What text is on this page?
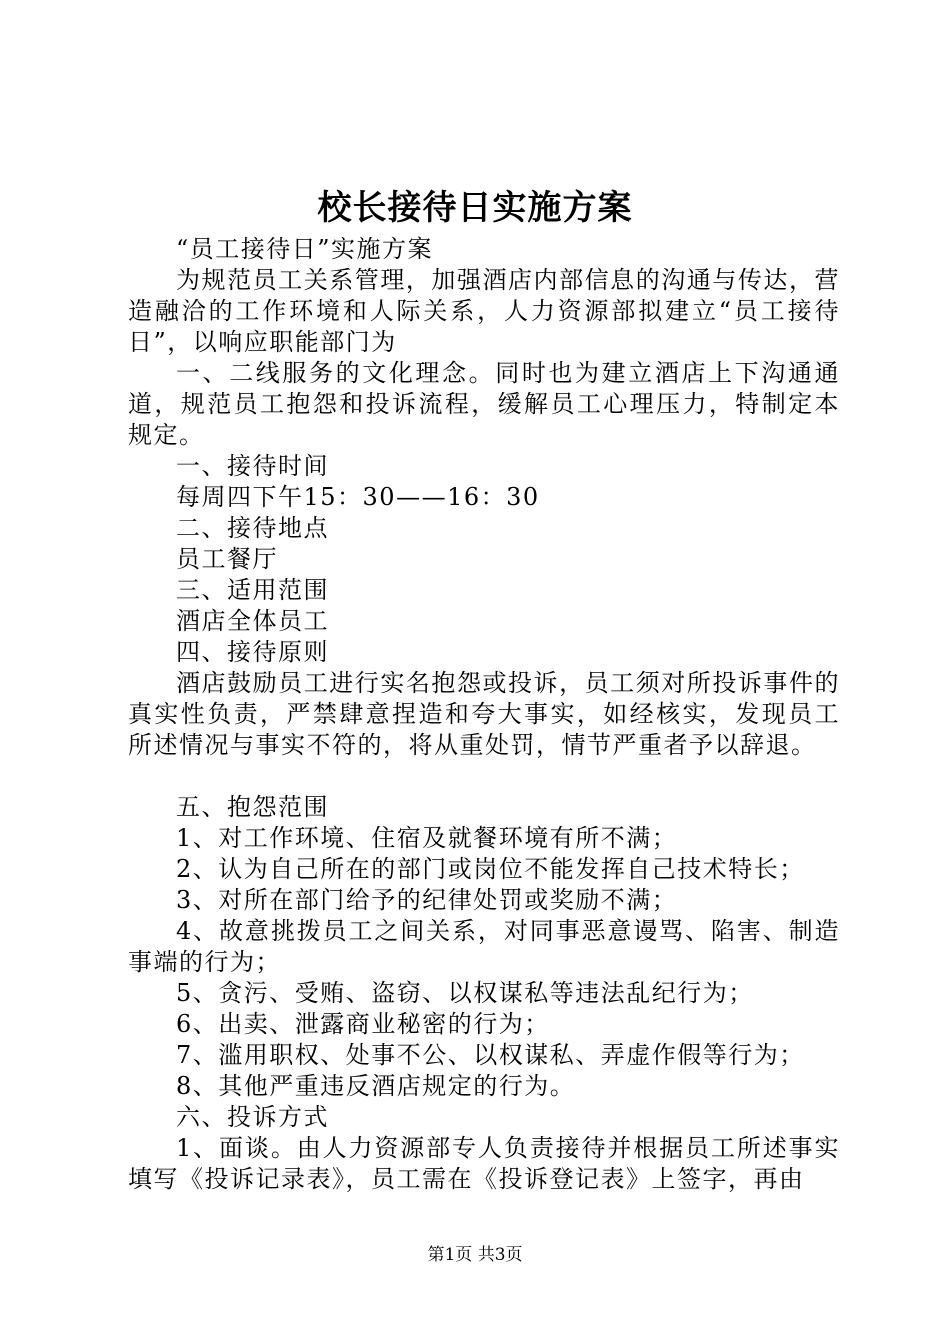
校长接待日实施方案

“员工接待日”实施方案

为规范员工关系管理，加强酒店内部信息的沟通与传达，营造融洽的工作环境和人际关系，人力资源部拟建立“员工接待日”，以响应职能部门为

一、二线服务的文化理念。同时也为建立酒店上下沟通通道，规范员工抱怨和投诉流程，缓解员工心理压力，特制定本规定。

一、接待时间

每周四下午15：30——16：30

二、接待地点

员工餐厅

三、适用范围

酒店全体员工

四、接待原则

酒店鼓励员工进行实名抱怨或投诉，员工须对所投诉事件的真实性负责，严禁肆意捏造和夸大事实，如经核实，发现员工所述情况与事实不符的，将从重处罚，情节严重者予以辞退。

五、抱怨范围

1、对工作环境、住宿及就餐环境有所不满；

2、认为自己所在的部门或岗位不能发挥自己技术特长；

3、对所在部门给予的纪律处罚或奖励不满；

4、故意挑拨员工之间关系，对同事恶意谩骂、陷害、制造事端的行为；

5、贪污、受贿、盗窃、以权谋私等违法乱纪行为；

6、出卖、泄露商业秘密的行为；

7、滥用职权、处事不公、以权谋私、弄虚作假等行为；

8、其他严重违反酒店规定的行为。

六、投诉方式

1、面谈。由人力资源部专人负责接待并根据员工所述事实填写《投诉记录表》，员工需在《投诉登记表》上签字，再由

第1页 共3页
